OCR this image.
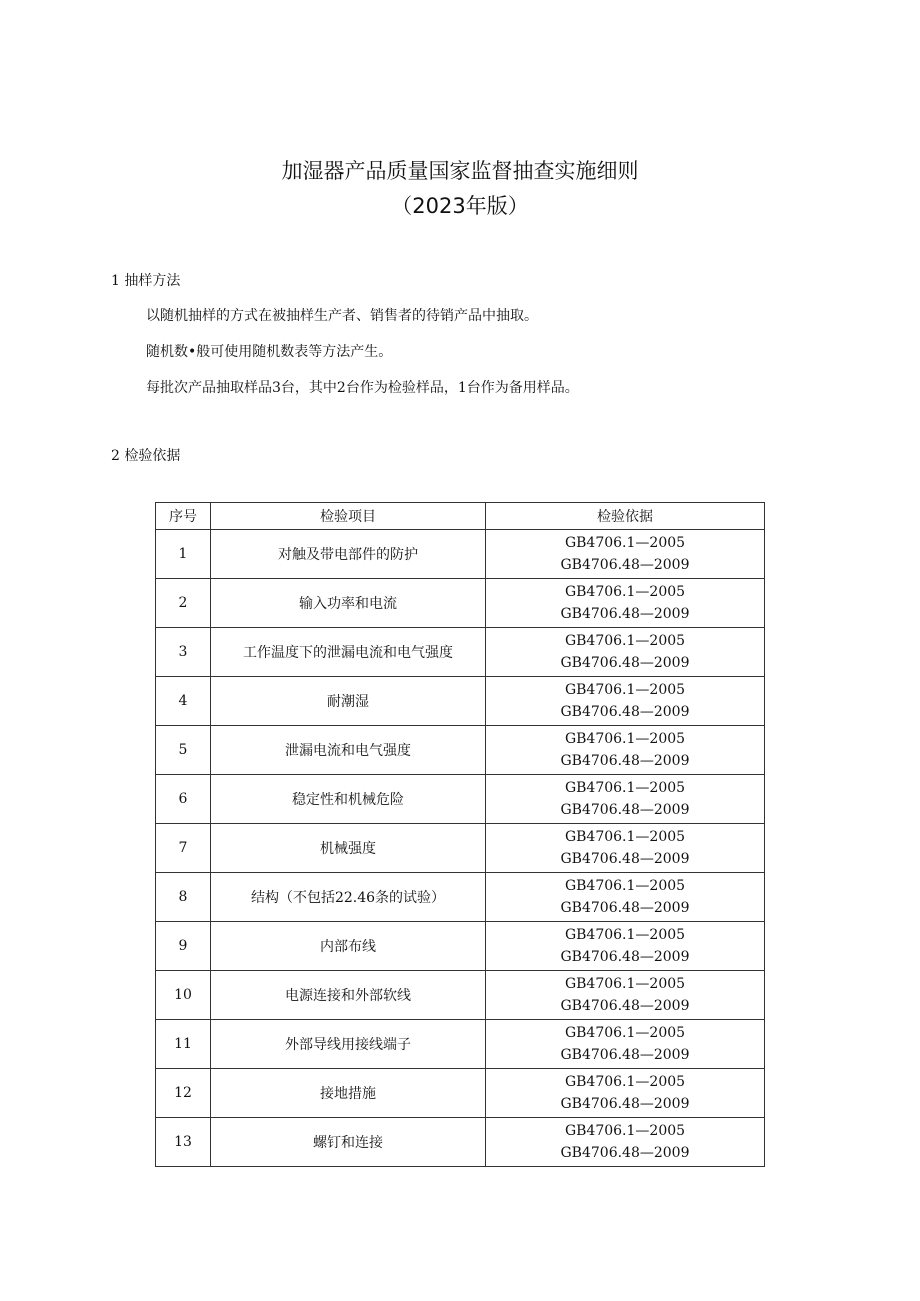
加湿器产品质量国家监督抽查实施细则
（2023年版）
1 抽样方法
以随机抽样的方式在被抽样生产者、销售者的待销产品中抽取。
随机数•般可使用随机数表等方法产生。
每批次产品抽取样品3台，其中2台作为检验样品，1台作为备用样品。
2 检验依据
序号	检验项目	检验依据
1	对触及带电部件的防护	GB4706.1—2005
GB4706.48—2009

2	输入功率和电流	GB4706.1—2005
GB4706.48—2009

3	工作温度下的泄漏电流和电气强度	GB4706.1—2005
GB4706.48—2009

4	耐潮湿	GB4706.1—2005
GB4706.48—2009

5	泄漏电流和电气强度	GB4706.1—2005
GB4706.48—2009

6	稳定性和机械危险	GB4706.1—2005
GB4706.48—2009

7	机械强度	GB4706.1—2005
GB4706.48—2009

8	结构（不包括22.46条的试验）	GB4706.1—2005
GB4706.48—2009

9	内部布线	GB4706.1—2005
GB4706.48—2009

10	电源连接和外部软线	GB4706.1—2005
GB4706.48—2009

11	外部导线用接线端子	GB4706.1—2005
GB4706.48—2009

12	接地措施	GB4706.1—2005
GB4706.48—2009

13	螺钉和连接	GB4706.1—2005
GB4706.48—2009
